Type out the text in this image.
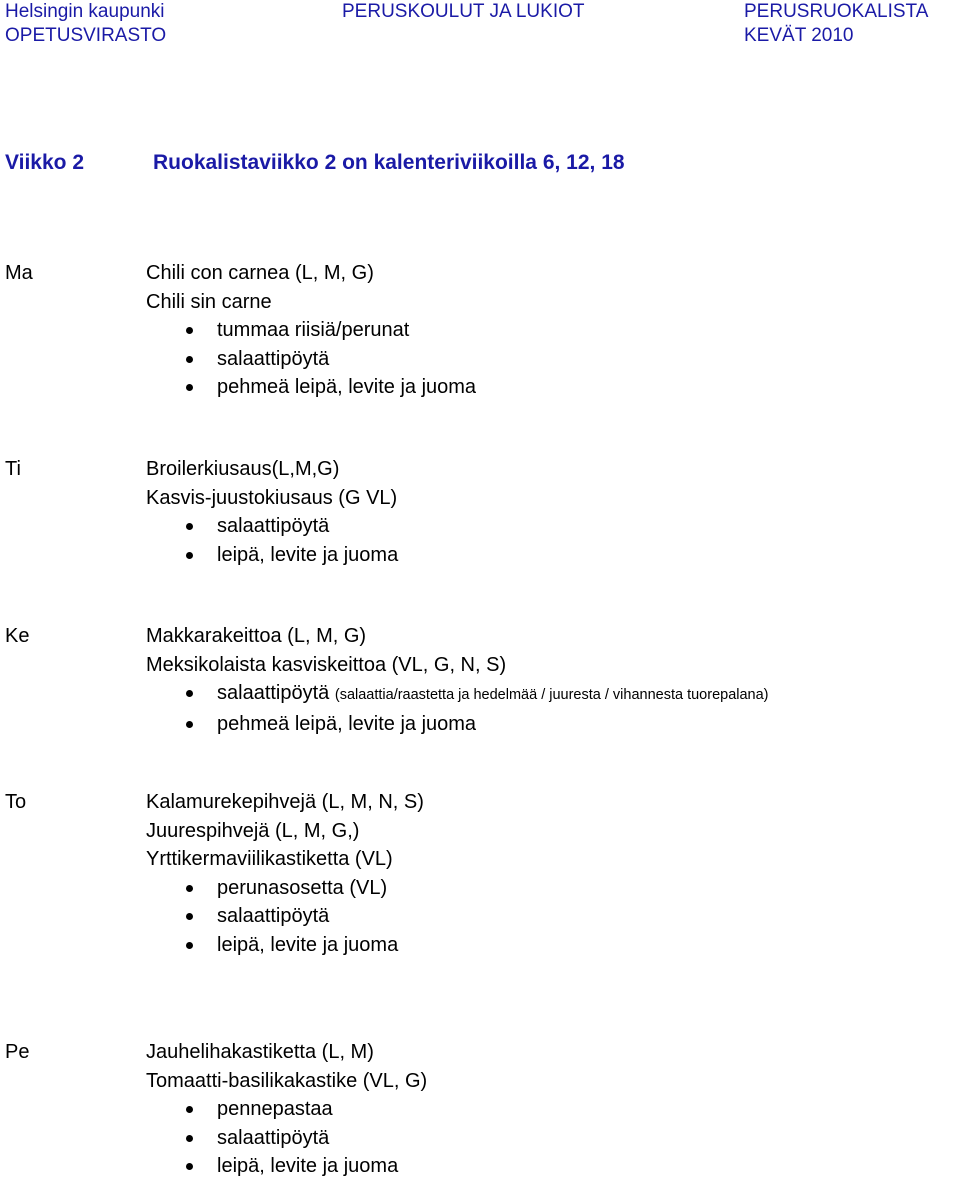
Helsingin kaupunki
OPETUSVIRASTO
PERUSKOULUT JA LUKIOT	PERUSRUOKALISTA
KEVÄT 2010
Viikko 2	Ruokalistaviikko 2 on kalenteriviikoilla 6, 12, 18
Ma	Chili con carnea (L, M, G)
Chili sin carne
tummaa riisiä/perunat
salaattipöytä
pehmeä leipä, levite ja juoma
Ti	Broilerkiusaus(L,M,G)
Kasvis-juustokiusaus (G VL)
salaattipöytä
leipä, levite ja juoma
Ke	Makkarakeittoa (L, M, G)
Meksikolaista kasviskeittoa (VL, G, N, S)
salaattipöytä (salaattia/raastetta ja hedelmää / juuresta / vihannesta tuorepalana)
pehmeä leipä, levite ja juoma
To	Kalamurekepihvejä (L, M, N, S)
Juurespihvejä (L, M, G,)
Yrttikermaviilikastiketta (VL)
perunasosetta (VL)
salaattipöytä
leipä, levite ja juoma
Pe	Jauhelihakastiketta (L, M)
Tomaatti-basilikakastike (VL, G)
pennepastaa
salaattipöytä
leipä, levite ja juoma
